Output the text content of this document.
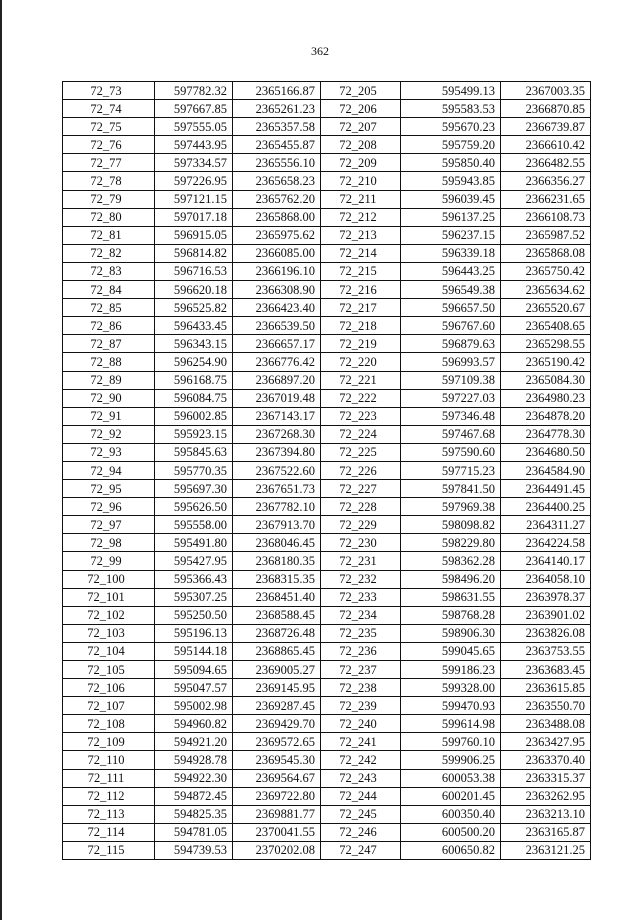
362
72_73	597782.32	2365166.87	72_205	595499.13	2367003.35
72_74	597667.85	2365261.23	72_206	595583.53	2366870.85
72_75	597555.05	2365357.58	72_207	595670.23	2366739.87
72_76	597443.95	2365455.87	72_208	595759.20	2366610.42
72_77	597334.57	2365556.10	72_209	595850.40	2366482.55
72_78	597226.95	2365658.23	72_210	595943.85	2366356.27
72_79	597121.15	2365762.20	72_211	596039.45	2366231.65
72_80	597017.18	2365868.00	72_212	596137.25	2366108.73
72_81	596915.05	2365975.62	72_213	596237.15	2365987.52
72_82	596814.82	2366085.00	72_214	596339.18	2365868.08
72_83	596716.53	2366196.10	72_215	596443.25	2365750.42
72_84	596620.18	2366308.90	72_216	596549.38	2365634.62
72_85	596525.82	2366423.40	72_217	596657.50	2365520.67
72_86	596433.45	2366539.50	72_218	596767.60	2365408.65
72_87	596343.15	2366657.17	72_219	596879.63	2365298.55
72_88	596254.90	2366776.42	72_220	596993.57	2365190.42
72_89	596168.75	2366897.20	72_221	597109.38	2365084.30
72_90	596084.75	2367019.48	72_222	597227.03	2364980.23
72_91	596002.85	2367143.17	72_223	597346.48	2364878.20
72_92	595923.15	2367268.30	72_224	597467.68	2364778.30
72_93	595845.63	2367394.80	72_225	597590.60	2364680.50
72_94	595770.35	2367522.60	72_226	597715.23	2364584.90
72_95	595697.30	2367651.73	72_227	597841.50	2364491.45
72_96	595626.50	2367782.10	72_228	597969.38	2364400.25
72_97	595558.00	2367913.70	72_229	598098.82	2364311.27
72_98	595491.80	2368046.45	72_230	598229.80	2364224.58
72_99	595427.95	2368180.35	72_231	598362.28	2364140.17
72_100	595366.43	2368315.35	72_232	598496.20	2364058.10
72_101	595307.25	2368451.40	72_233	598631.55	2363978.37
72_102	595250.50	2368588.45	72_234	598768.28	2363901.02
72_103	595196.13	2368726.48	72_235	598906.30	2363826.08
72_104	595144.18	2368865.45	72_236	599045.65	2363753.55
72_105	595094.65	2369005.27	72_237	599186.23	2363683.45
72_106	595047.57	2369145.95	72_238	599328.00	2363615.85
72_107	595002.98	2369287.45	72_239	599470.93	2363550.70
72_108	594960.82	2369429.70	72_240	599614.98	2363488.08
72_109	594921.20	2369572.65	72_241	599760.10	2363427.95
72_110	594928.78	2369545.30	72_242	599906.25	2363370.40
72_111	594922.30	2369564.67	72_243	600053.38	2363315.37
72_112	594872.45	2369722.80	72_244	600201.45	2363262.95
72_113	594825.35	2369881.77	72_245	600350.40	2363213.10
72_114	594781.05	2370041.55	72_246	600500.20	2363165.87
72_115	594739.53	2370202.08	72_247	600650.82	2363121.25
